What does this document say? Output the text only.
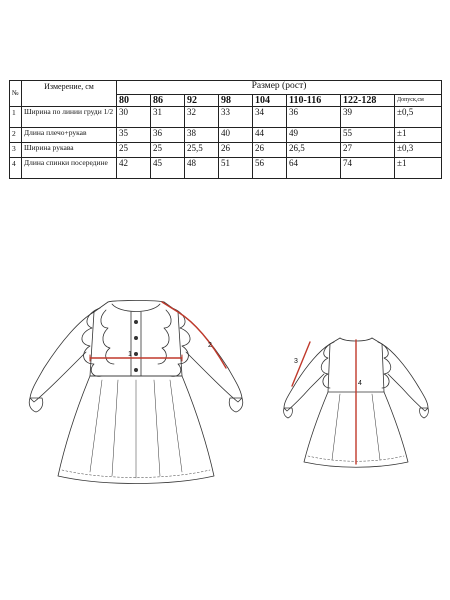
№	Измерение, см	Размер (рост)							
		80	86	92	98	104	110-116	122-128	Допуск,см
1	Ширина по линии груди 1/2	30	31	32	33	34	36	39	±0,5
2	Длина плечо+рукав	35	36	38	40	44	49	55	±1
3	Ширина рукава	25	25	25,5	26	26	26,5	27	±0,3
4	Длина спинки посередине	42	45	48	51	56	64	74	±1
1
2
3
4
